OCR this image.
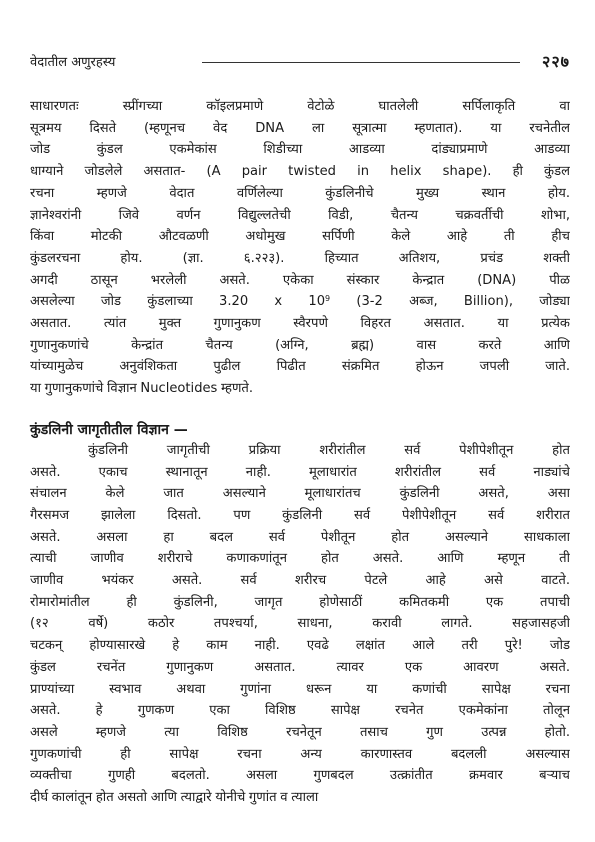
वेदातील अणुरहस्य	२२७
साधारणतः स्प्रींगच्या कॉइलप्रमाणे वेटोळे घातलेली सर्पिलाकृति वा
सूत्रमय दिसते (म्हणूनच वेद DNA ला सूत्रात्मा म्हणतात). या रचनेतील
जोड कुंडल एकमेकांस शिडीच्या आडव्या दांड्याप्रमाणे आडव्या
धाग्याने जोडलेले असतात- (A pair twisted in helix shape). ही कुंडल
रचना म्हणजे वेदात वर्णिलेल्या कुंडलिनीचे मुख्य स्थान होय.
ज्ञानेश्वरांनी जिवे वर्णन विद्युल्लतेची विडी, चैतन्य चक्रवर्तीची शोभा,
किंवा मोटकी औटवळणी अधोमुख सर्पिणी केले आहे ती हीच
कुंडलरचना होय. (ज्ञा. ६.२२३). हिच्यात अतिशय, प्रचंड शक्ती
अगदी ठासून भरलेली असते. एकेका संस्कार केन्द्रात (DNA) पीळ
असलेल्या जोड कुंडलाच्या 3.20 x $10^9$ (3-2 अब्ज, Billion), जोड्या
असतात. त्यांत मुक्त गुणानुकण स्वैरपणे विहरत असतात. या प्रत्येक
गुणानुकणांचे केन्द्रांत चैतन्य (अग्नि, ब्रह्म) वास करते आणि
यांच्यामुळेच अनुवंशिकता पुढील पिढीत संक्रमित होऊन जपली जाते.
या गुणानुकणांचे विज्ञान Nucleotides म्हणते.
कुंडलिनी जागृतीतील विज्ञान —
कुंडलिनी जागृतीची प्रक्रिया शरीरांतील सर्व पेशीपेशीतून होत
असते. एकाच स्थानातून नाही. मूलाधारांत शरीरांतील सर्व नाड्यांचे
संचालन केले जात असल्याने मूलाधारांतच कुंडलिनी असते, असा
गैरसमज झालेला दिसतो. पण कुंडलिनी सर्व पेशीपेशीतून सर्व शरीरात
असते. असला हा बदल सर्व पेशीतून होत असल्याने साधकाला
त्याची जाणीव शरीराचे कणाकणांतून होत असते. आणि म्हणून ती
जाणीव भयंकर असते. सर्व शरीरच पेटले आहे असे वाटते.
रोमारोमांतील ही कुंडलिनी, जागृत होणेसाठीं कमितकमी एक तपाची
(१२ वर्षे) कठोर तपश्चर्या, साधना, करावी लागते. सहजासहजी
चटकन् होण्यासारखे हे काम नाही. एवढे लक्षांत आले तरी पुरे! जोड
कुंडल रचनेंत गुणानुकण असतात. त्यावर एक आवरण असते.
प्राण्यांच्या स्वभाव अथवा गुणांना धरून या कणांची सापेक्ष रचना
असते. हे गुणकण एका विशिष्ठ सापेक्ष रचनेत एकमेकांना तोलून
असले म्हणजे त्या विशिष्ठ रचनेतून तसाच गुण उत्पन्न होतो.
गुणकणांची ही सापेक्ष रचना अन्य कारणास्तव बदलली असल्यास
व्यक्तीचा गुणही बदलतो. असला गुणबदल उत्क्रांतीत क्रमवार बऱ्याच
दीर्घ कालांतून होत असतो आणि त्याद्वारे योनीचे गुणांत व त्याला
